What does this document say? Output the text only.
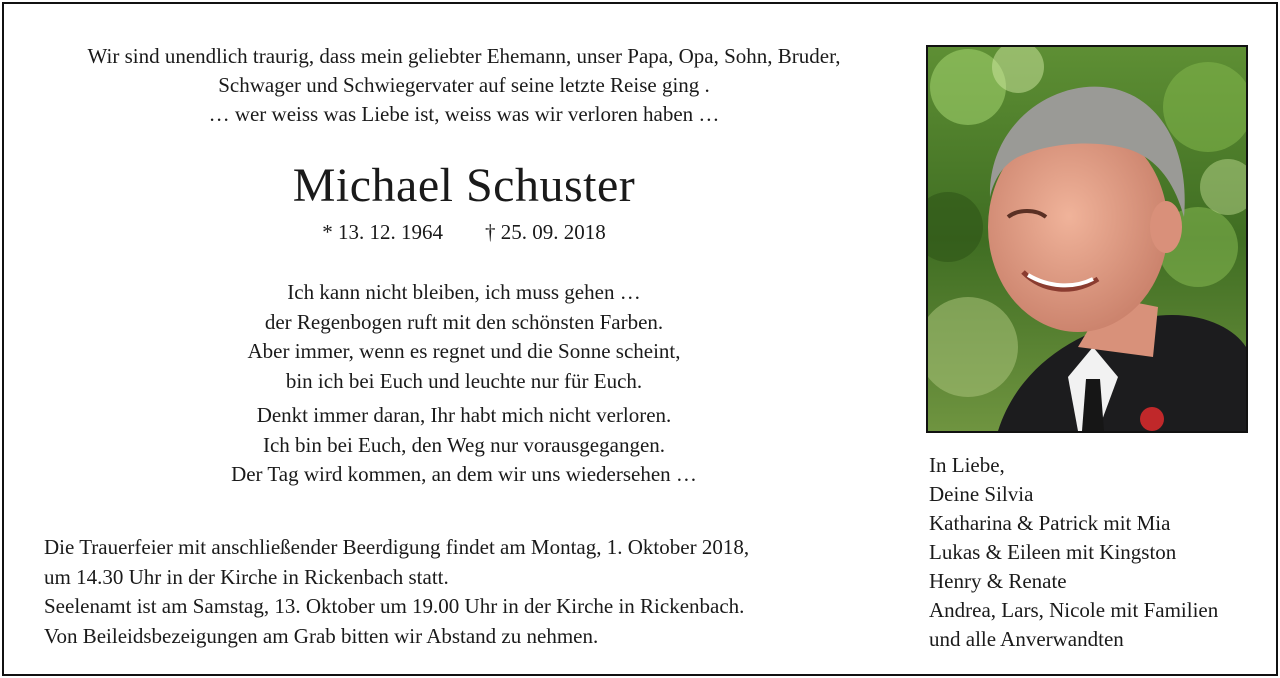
Wir sind unendlich traurig, dass mein geliebter Ehemann, unser Papa, Opa, Sohn, Bruder,
Schwager und Schwiegervater auf seine letzte Reise ging .
… wer weiss was Liebe ist, weiss was wir verloren haben …
Michael Schuster
* 13. 12. 1964 † 25. 09. 2018
Ich kann nicht bleiben, ich muss gehen …
der Regenbogen ruft mit den schönsten Farben.
Aber immer, wenn es regnet und die Sonne scheint,
bin ich bei Euch und leuchte nur für Euch.
Denkt immer daran, Ihr habt mich nicht verloren.
Ich bin bei Euch, den Weg nur vorausgegangen.
Der Tag wird kommen, an dem wir uns wiedersehen …
Die Trauerfeier mit anschließender Beerdigung findet am Montag, 1. Oktober 2018,
um 14.30 Uhr in der Kirche in Rickenbach statt.
Seelenamt ist am Samstag, 13. Oktober um 19.00 Uhr in der Kirche in Rickenbach.
Von Beileidsbezeigungen am Grab bitten wir Abstand zu nehmen.
In Liebe,
Deine Silvia
Katharina & Patrick mit Mia
Lukas & Eileen mit Kingston
Henry & Renate
Andrea, Lars, Nicole mit Familien
und alle Anverwandten
